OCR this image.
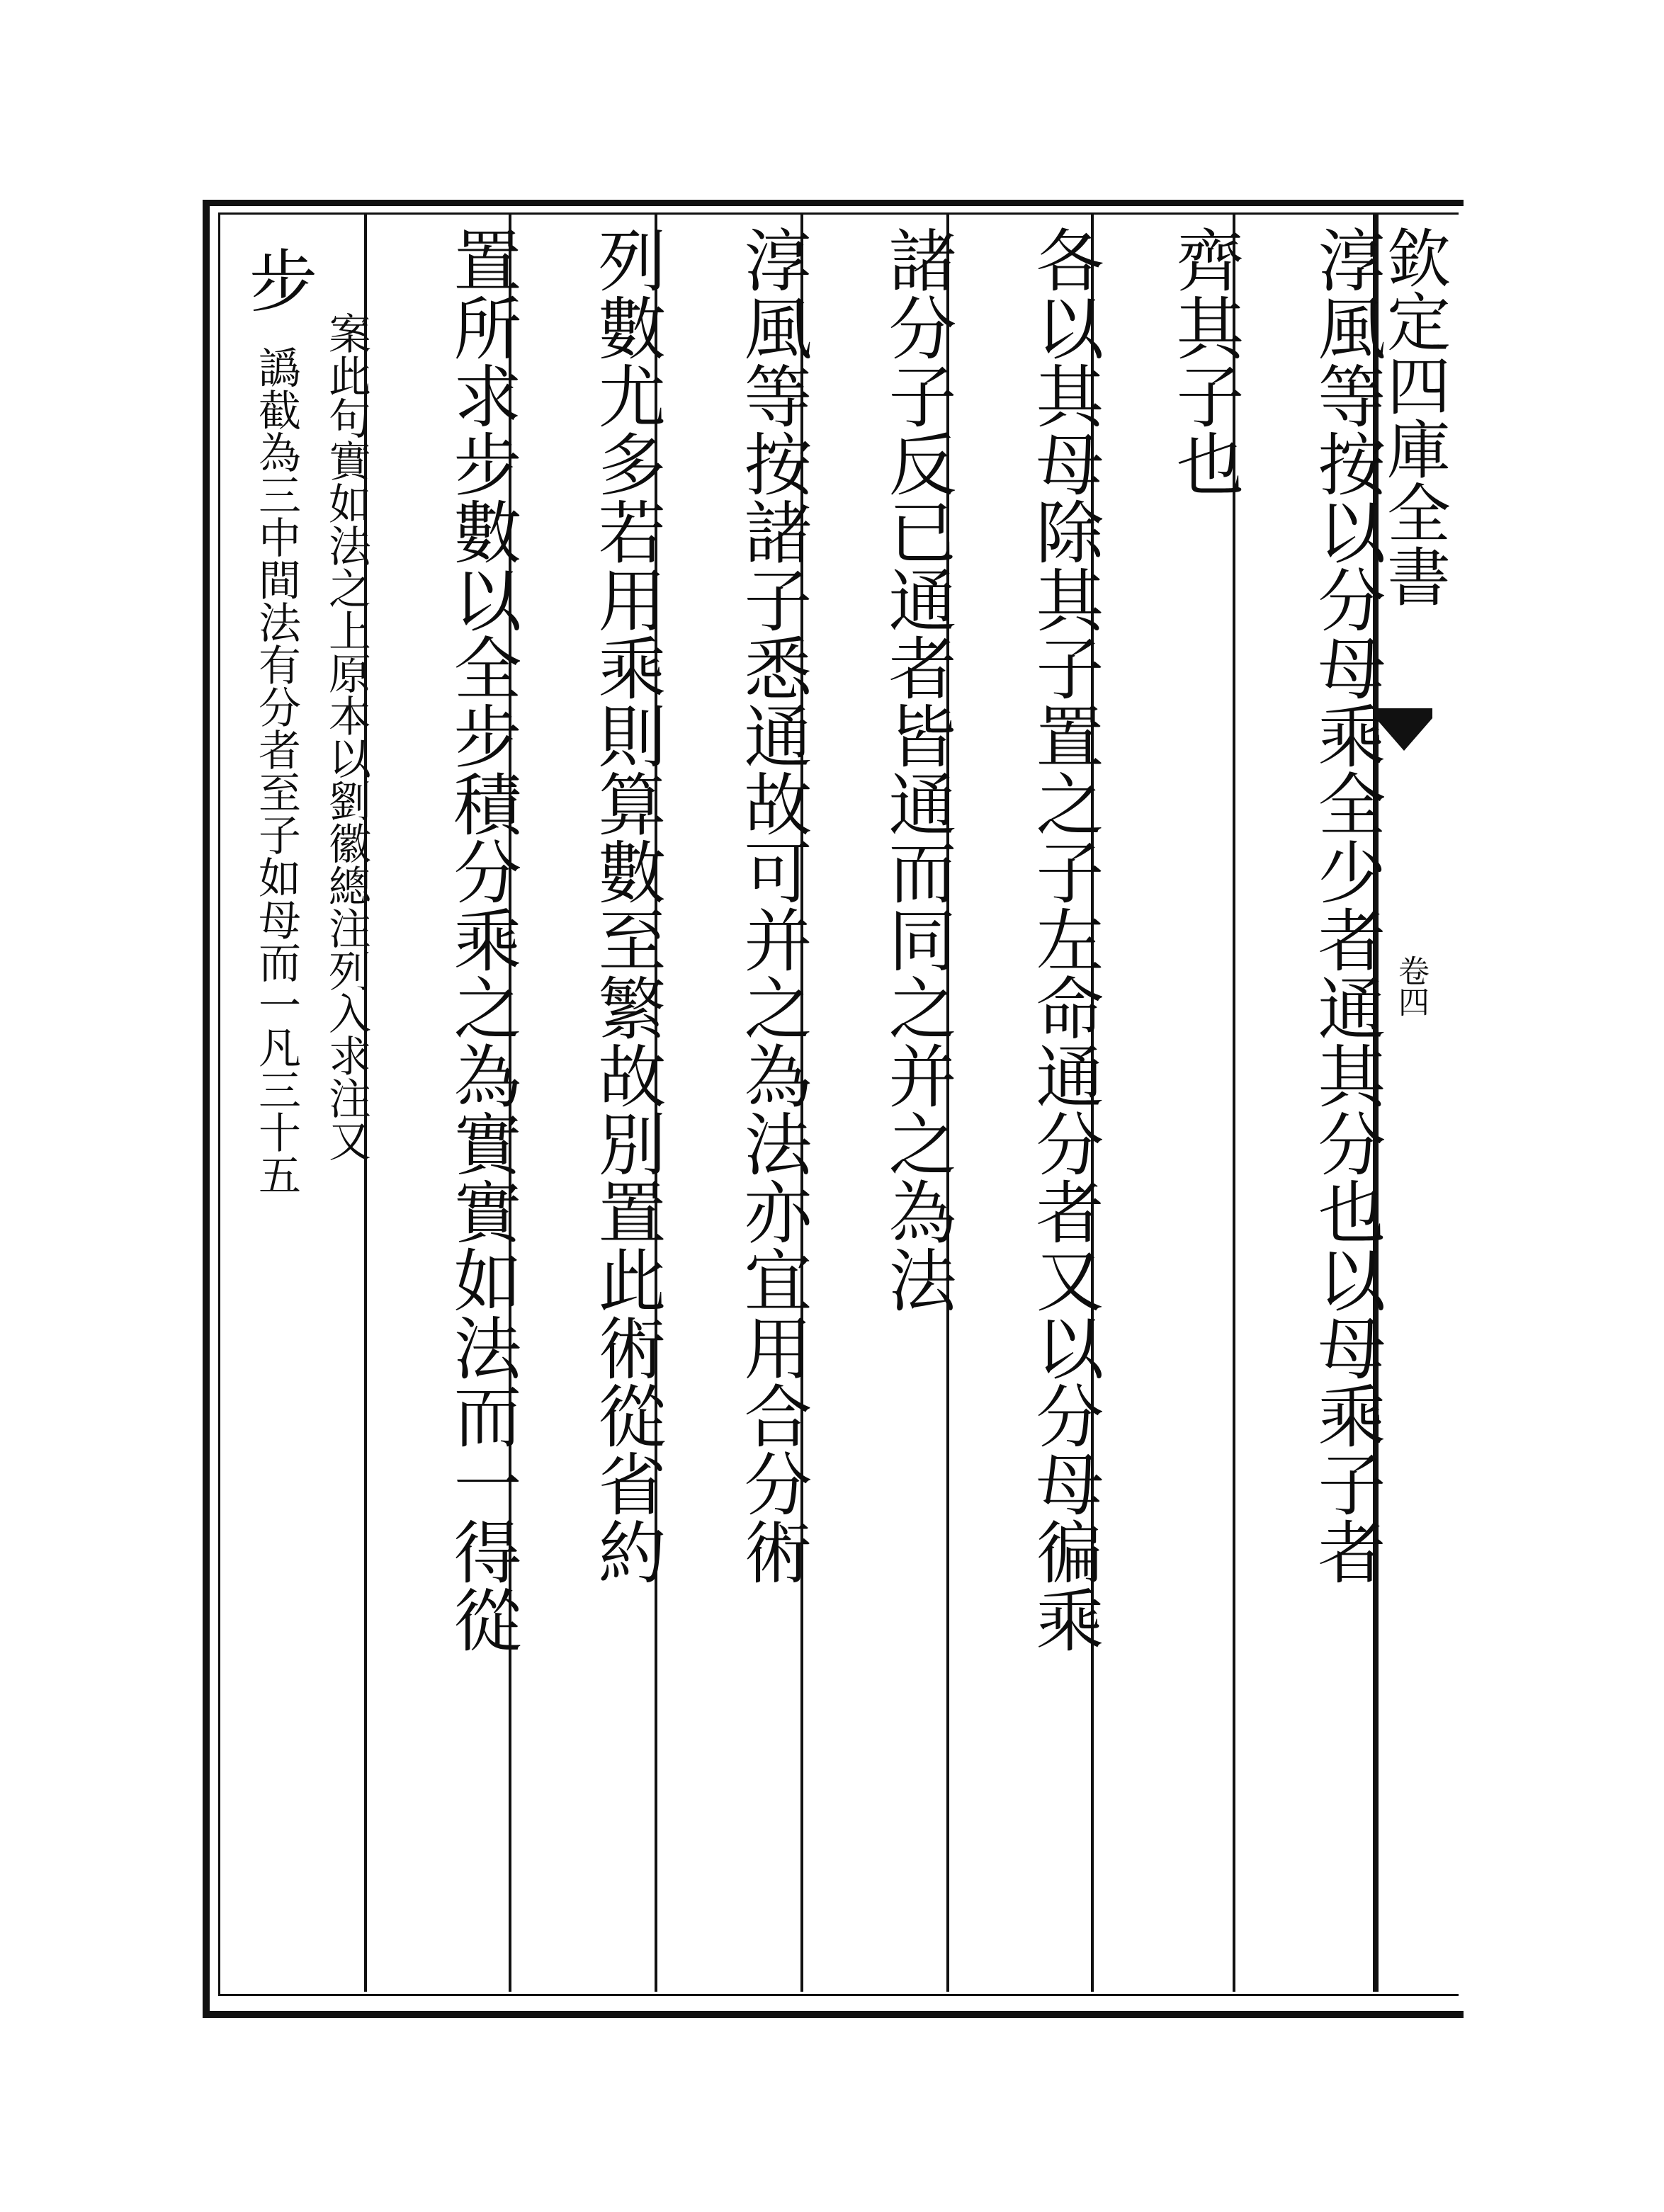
淳風等按以分母乘全少者通其分也以母乘子者
齊其子也
各以其母除其子置之子左命通分者又以分母徧乘
諸分子反已通者皆通而同之并之為法
淳風等按諸子悉通故可并之為法亦宜用合分術
列數尤多若用乘則算數至繁故別置此術從省約
置所求步數以全步積分乘之為實實如法而一得從
步
案此句實如法之上原本以劉徽總注列入求注又
譌截為三中間法有分者至子如母而一凡三十五	欽定四庫全書
卷四
